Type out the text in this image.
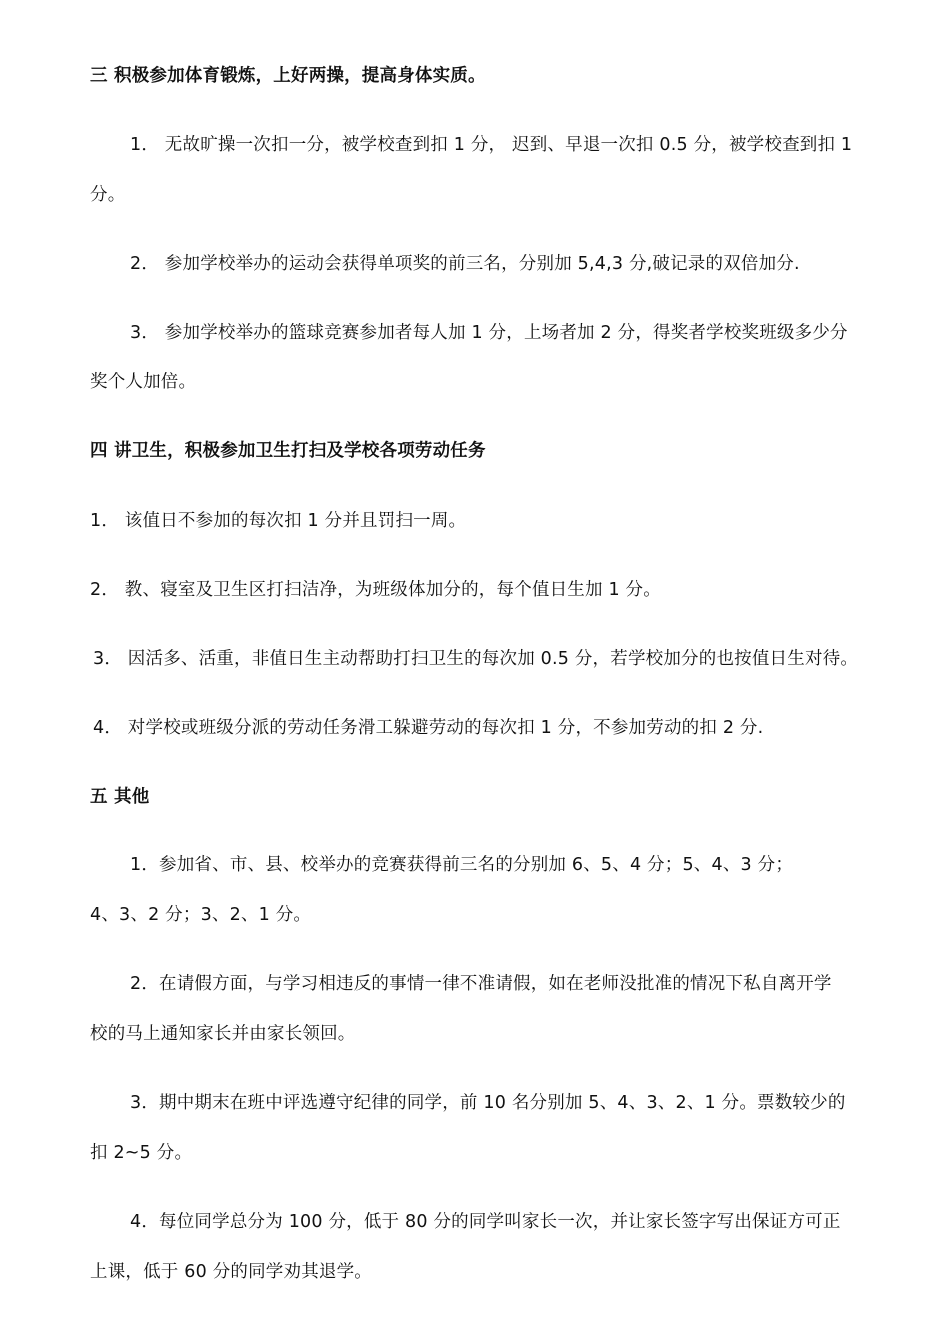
三 积极参加体育锻炼，上好两操，提高身体实质。
1． 无故旷操一次扣一分，被学校查到扣 1 分， 迟到、早退一次扣 0.5 分，被学校查到扣 1
分。
2． 参加学校举办的运动会获得单项奖的前三名，分别加 5,4,3 分,破记录的双倍加分.
3． 参加学校举办的篮球竞赛参加者每人加 1 分，上场者加 2 分，得奖者学校奖班级多少分
奖个人加倍。
四 讲卫生，积极参加卫生打扫及学校各项劳动任务
1． 该值日不参加的每次扣 1 分并且罚扫一周。
2． 教、寝室及卫生区打扫洁净，为班级体加分的，每个值日生加 1 分。
3． 因活多、活重，非值日生主动帮助打扫卫生的每次加 0.5 分，若学校加分的也按值日生对待。
4． 对学校或班级分派的劳动任务滑工躲避劳动的每次扣 1 分，不参加劳动的扣 2 分.
五 其他
1．参加省、市、县、校举办的竞赛获得前三名的分别加 6、5、4 分；5、4、3 分；
4、3、2 分；3、2、1 分。
2．在请假方面，与学习相违反的事情一律不准请假，如在老师没批准的情况下私自离开学
校的马上通知家长并由家长领回。
3．期中期末在班中评选遵守纪律的同学，前 10 名分别加 5、4、3、2、1 分。票数较少的
扣 2~5 分。
4．每位同学总分为 100 分，低于 80 分的同学叫家长一次，并让家长签字写出保证方可正
上课，低于 60 分的同学劝其退学。
